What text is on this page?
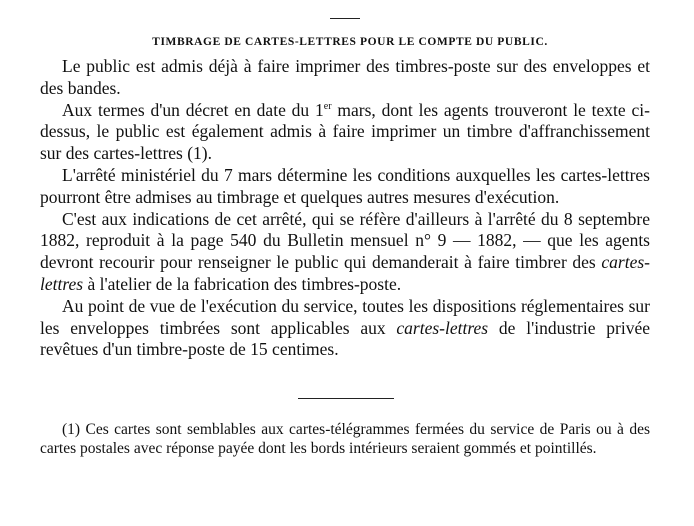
TIMBRAGE DE CARTES-LETTRES POUR LE COMPTE DU PUBLIC.

Le public est admis déjà à faire imprimer des timbres-poste sur des enveloppes et des bandes.

Aux termes d'un décret en date du 1er mars, dont les agents trouveront le texte ci-dessus, le public est également admis à faire imprimer un timbre d'affranchissement sur des cartes-lettres (1).

L'arrêté ministériel du 7 mars détermine les conditions auxquelles les cartes-lettres pourront être admises au timbrage et quelques autres mesures d'exécution.

C'est aux indications de cet arrêté, qui se réfère d'ailleurs à l'arrêté du 8 septembre 1882, reproduit à la page 540 du Bulletin mensuel n° 9 — 1882, — que les agents devront recourir pour renseigner le public qui demanderait à faire timbrer des cartes-lettres à l'atelier de la fabrication des timbres-poste.

Au point de vue de l'exécution du service, toutes les dispositions réglementaires sur les enveloppes timbrées sont applicables aux cartes-lettres de l'industrie privée revêtues d'un timbre-poste de 15 centimes.

(1) Ces cartes sont semblables aux cartes-télégrammes fermées du service de Paris ou à des cartes postales avec réponse payée dont les bords intérieurs seraient gommés et pointillés.
